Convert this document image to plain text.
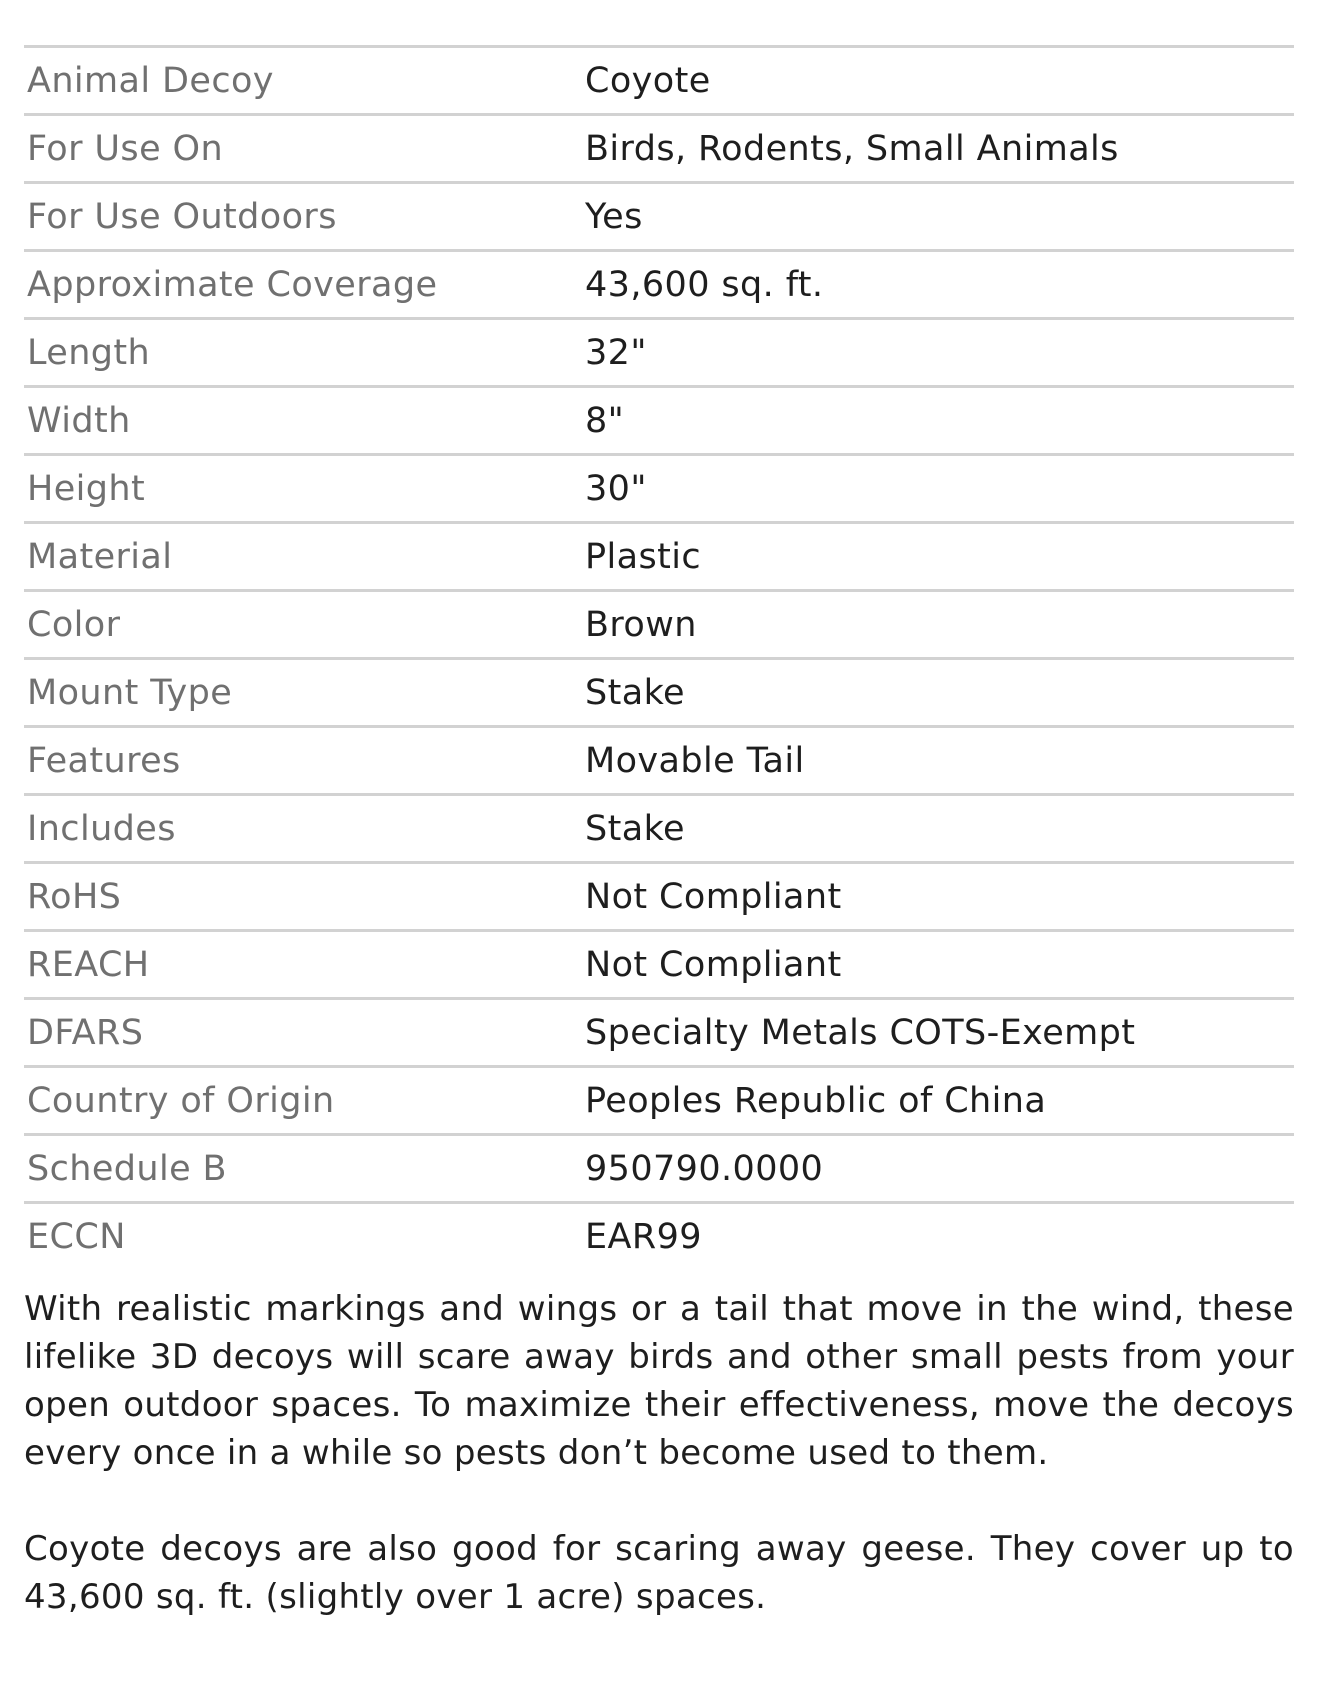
Animal Decoy	Coyote
For Use On	Birds, Rodents, Small Animals
For Use Outdoors	Yes
Approximate Coverage	43,600 sq. ft.
Length	32"
Width	8"
Height	30"
Material	Plastic
Color	Brown
Mount Type	Stake
Features	Movable Tail
Includes	Stake
RoHS	Not Compliant
REACH	Not Compliant
DFARS	Specialty Metals COTS-Exempt
Country of Origin	Peoples Republic of China
Schedule B	950790.0000
ECCN	EAR99

With realistic markings and wings or a tail that move in the wind, these lifelike 3D decoys will scare away birds and other small pests from your open outdoor spaces. To maximize their effectiveness, move the decoys every once in a while so pests don’t become used to them.

Coyote decoys are also good for scaring away geese. They cover up to 43,600 sq. ft. (slightly over 1 acre) spaces.
